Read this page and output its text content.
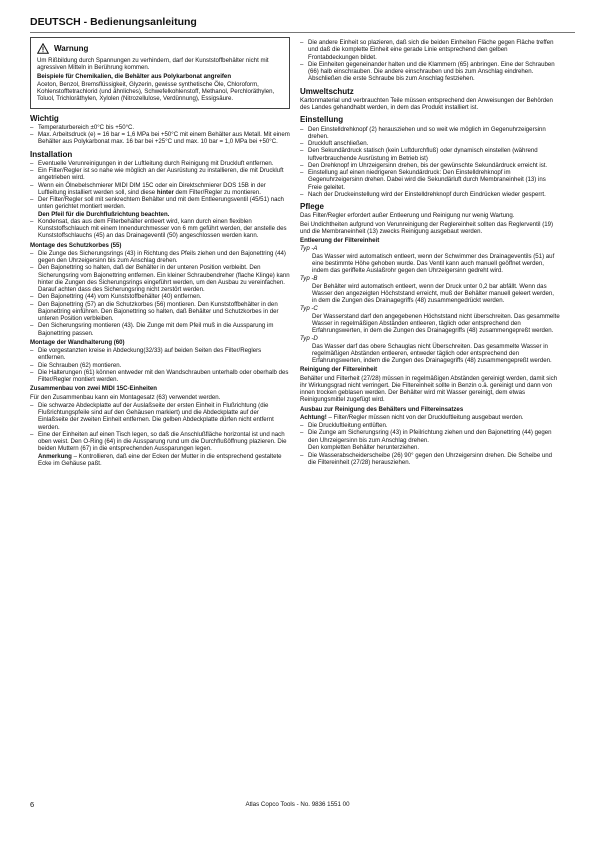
DEUTSCH - Bedienungsanleitung
Warnung
Um Rißbildung durch Spannungen zu verhindern, darf der Kunststoffbehälter nicht mit agressiven Mitteln in Berührung kommen.
Beispiele für Chemikalien, die Behälter aus Polykarbonat angreifen
Aceton, Benzol, Bremsflüssigkeit, Glyzerin, gewisse synthetische Öle, Chloroform, Kohlenstofftetrachlorid (und ähnliches), Schwefelkohlenstoff, Methanol, Perchloräthylen, Toluol, Trichloräthylen, Xylolen (Nitrozellulose, Verdünnung), Essigsäure.
Wichtig
– Temperaturbereich ±0°C bis +50°C.
– Max. Arbeitsdruck (e) = 16 bar = 1,6 MPa bei +50°C mit einem Behälter aus Metall. Mit einem Behälter aus Polykarbonat max. 16 bar bei +25°C und max. 10 bar = 1,0 MPa bei +50°C.
Installation
– Eventuelle Verunreinigungen in der Luftleitung durch Reinigung mit Druckluft entfernen.
– Ein Filter/Regler ist so nahe wie möglich an der Ausrüstung zu installieren, die mit Druckluft angetrieben wird.
– Wenn ein Ölnebelschmierer MIDI DIM 15C oder ein Direktschmierer DOS 15B in der Luftleitung installiert werden soll, sind diese hinter dem Filter/Regler zu montieren.
– Der Filter/Regler soll mit senkrechtem Behälter und mit dem Entleerungsventil (45/51) nach unten gerichtet montiert werden.
Den Pfeil für die Durchflußrichtung beachten.
– Kondensat, das aus dem Filterbehälter entleert wird, kann durch einen flexiblen Kunststoffschlauch mit einem Innendurchmesser von 6 mm geführt werden, der anstelle des Kunststoffschlauchs (45) an das Drainageventil (50) angeschlossen werden kann.
Montage des Schutzkorbes (55)
– Die Zunge des Sicherungsrings (43) in Richtung des Pfeils ziehen und den Bajonettring (44) gegen den Uhrzeigersinn bis zum Anschlag drehen.
– Den Bajonettring so halten, daß der Behälter in der unteren Position verbleibt. Den Sicherungsring vom Bajonettring entfernen. Ein kleiner Schraubendreher (flache Klinge) kann hinter die Zungen des Sicherungsrings eingeführt werden, um den Ausbau zu vereinfachen. Darauf achten dass des Sicherungsring nicht zerstört werden.
– Den Bajonettring (44) vom Kunststoffbehälter (40) entfernen.
– Den Bajonettring (57) an die Schutzkorbes (56) montieren. Den Kunststoffbehälter in den Bajonettring einführen. Den Bajonettring so halten, daß Behälter und Schutzkorbes in der unteren Position verbleiben.
– Den Sicherungsring montieren (43). Die Zunge mit dem Pfeil muß in die Aussparung im Bajonettring passen.
Montage der Wandhalterung (60)
– Die vorgestanzten kreise in Abdeckung(32/33) auf beiden Seiten des Filter/Reglers entfernen.
– Die Schrauben (62) montieren.
– Die Halterungen (61) können entweder mit den Wandschrauben unterhalb oder oberhalb des Filter/Regler montiert werden.
Zusammenbau von zwei MIDI 15C-Einheiten
Für den Zusammenbau kann ein Montagesatz (63) verwendet werden.
– Die schwarze Abdeckplatte auf der Auslaßseite der ersten Einheit in Flußrichtung (die Flußrichtungspfeile sind auf den Gehäusen markiert) und die Abdeckplatte auf der Einlaßseite der zweiten Einheit entfernen. Die gelben Abdeckplatte dürfen nicht entfernt werden.
– Eine der Einheiten auf einen Tisch legen, so daß die Anschlußfläche horizontal ist und nach oben weist. Den O-Ring (64) in die Aussparung rund um die Durchflußöffnung plazieren. Die beiden Muttern (67) in die entsprechenden Aussparungen legen.
Anmerkung – Kontrollieren, daß eine der Ecken der Mutter in die entsprechend gestaltete Ecke im Gehäuse paßt.
– Die andere Einheit so plazieren, daß sich die beiden Einheiten Fläche gegen Fläche treffen und daß die komplette Einheit eine gerade Linie entsprechend den gelben Frontabdeckungen bildet.
– Die Einheiten gegeneinander halten und die Klammern (65) anbringen. Eine der Schrauben (66) halb einschrauben. Die andere einschrauben und bis zum Anschlag eindrehen. Abschließen die erste Schraube bis zum Anschlag festziehen.
Umweltschutz
Kartonmaterial und verbrauchten Teile müssen entsprechend den Anweisungen der Behörden des Landes gehandhabt werden, in dem das Produkt installiert ist.
Einstellung
– Den Einstelldrehknopf (2) herausziehen und so weit wie möglich im Gegenuhrzeigersinn drehen.
– Druckluft anschließen.
– Den Sekundärdruck statisch (kein Luftdurchfluß) oder dynamisch einstellen (während luftverbrauchende Ausrüstung im Betrieb ist)
– Den Drehknopf im Uhrzeigersinn drehen, bis der gewünschte Sekundärdruck erreicht ist.
– Einstellung auf einen niedrigeren Sekundärdruck: Den Einstelldrehknopf im Gegenuhrzeigersinn drehen. Dabei wird die Sekundärluft durch Membraneinheit (13) ins Freie geleitet.
– Nach der Druckeinstellung wird der Einstelldrehknopf durch Eindrücken wieder gesperrt.
Pflege
Das Filter/Regler erfordert außer Entleerung und Reinigung nur wenig Wartung.
Bei Undichtheiten aufgrund von Verunreinigung der Reglereinheit sollten das Reglerventil (19) und die Membraneinheit (13) zwecks Reinigung ausgebaut werden.
Entleerung der Filtereinheit
Typ -A
Das Wasser wird automatisch entleert, wenn der Schwimmer des Drainageventils (51) auf eine bestimmte Höhe gehoben wurde. Das Ventil kann auch manuell geöffnet werden, indem das geriffelte Auslaßrohr gegen den Uhrzeigersinn gedreht wird.
Typ -B
Der Behälter wird automatisch entleert, wenn der Druck unter 0,2 bar abfällt. Wenn das Wasser den angezeigten Höchststand erreicht, muß der Behälter manuell geleert werden, in dem die Zungen des Drainagegriffs (48) zusammengedrückt werden.
Typ -C
Der Wasserstand darf den angegebenen Höchststand nicht überschreiten. Das gesammelte Wasser in regelmäßigen Abständen entleeren, täglich oder entsprechend den Erfahrungswerten, in dem die Zungen des Drainagegriffs (48) zusammengepreßt werden.
Typ -D
Das Wasser darf das obere Schauglas nicht Überschreiten. Das gesammelte Wasser in regelmäßigen Abständen entleeren, entweder täglich oder entsprechend den Erfahrungswerten, indem die Zungen des Drainagegriffs (48) zusammengepreßt werden.
Reinigung der Filtereinheit
Behälter und Filterheit (27/28) müssen in regelmäßigen Abständen gereinigt werden, damit sich ihr Wirkungsgrad nicht verringert. Die Filtereinheit sollte in Benzin o.ä. gereinigt und dann von innen trocken geblasen werden. Der Behälter wird mit Wasser gereinigt, dem etwas Reinigungsmittel zugefügt wird.
Ausbau zur Reinigung des Behälters und Filtereinsatzes
Achtung! – Filter/Regler müssen nicht von der Druckluftleitung ausgebaut werden.
– Die Druckluftleitung entlüften.
– Die Zunge am Sicherungsring (43) in Pfeilrichtung ziehen und den Bajonettring (44) gegen den Uhrzeigersinn bis zum Anschlag drehen.
Den kompletten Behälter herunterziehen.
– Die Wasserabscheiderscheibe (26) 90° gegen den Uhrzeigersinn drehen. Die Scheibe und die Filtereinheit (27/28) herausziehen.
6	Atlas Copco Tools - No. 9836 1551 00
